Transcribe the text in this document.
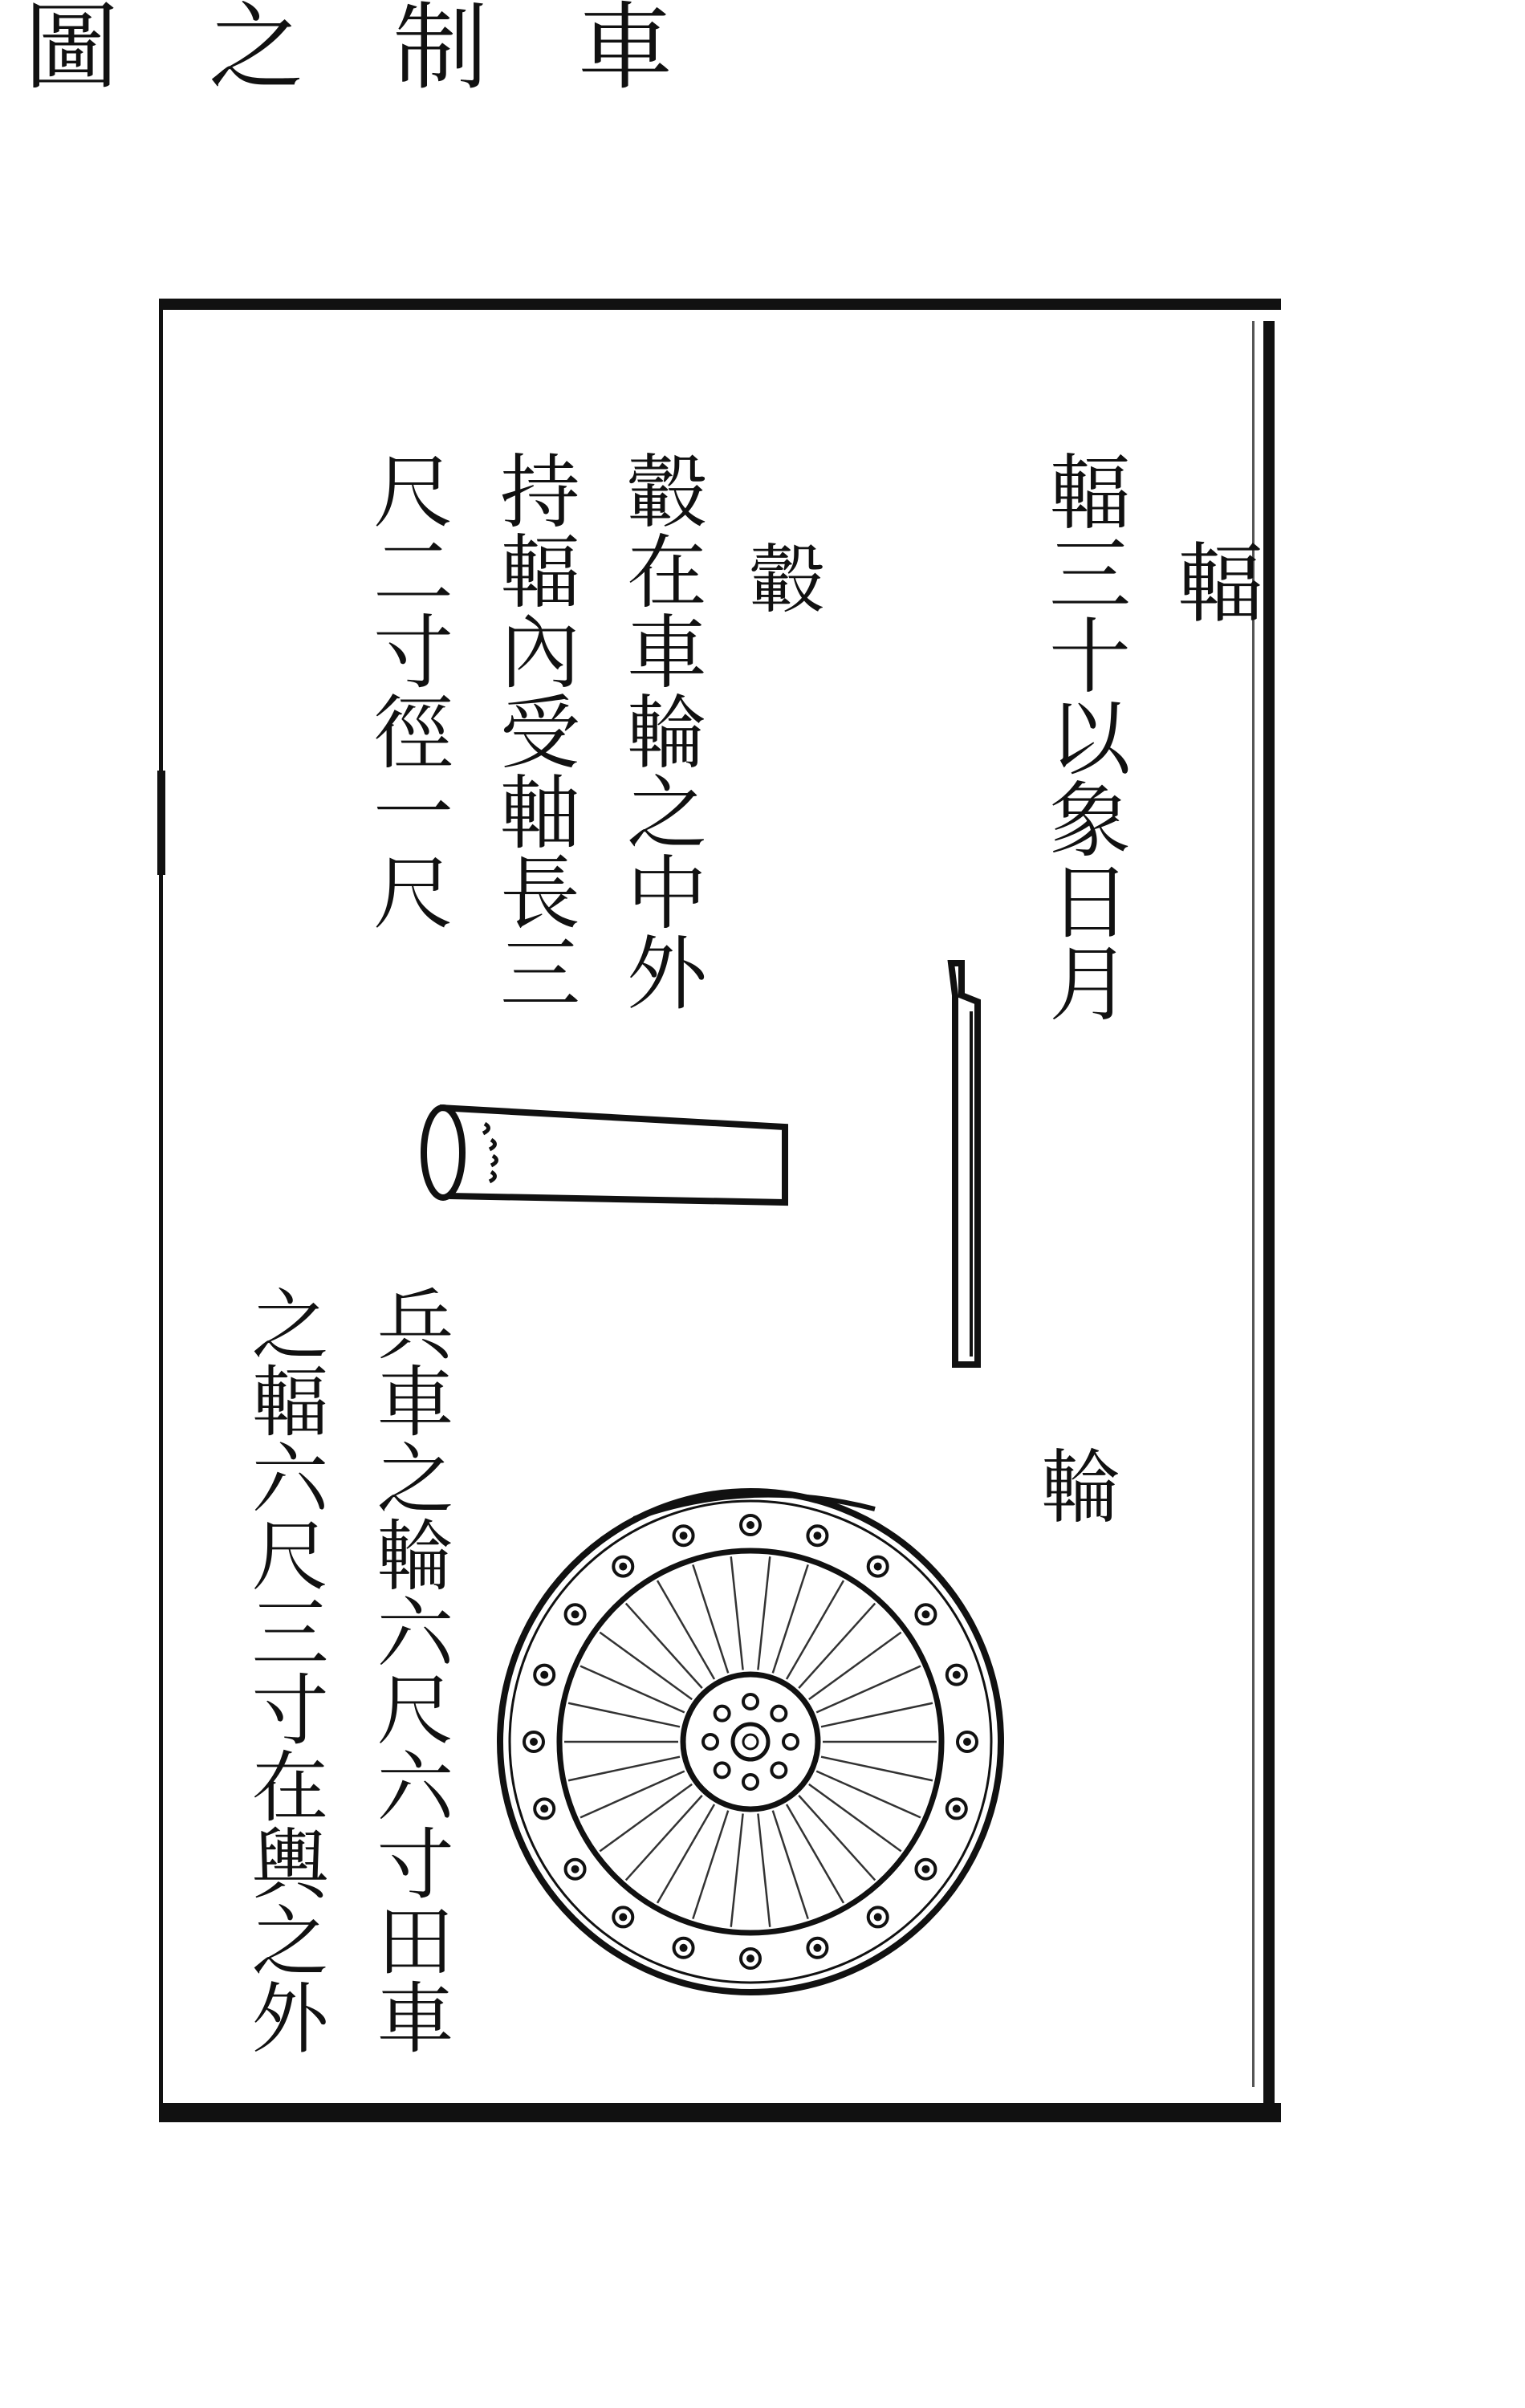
車
制
之
圖
輻
輻三十以象日月
轂
轂在車輪之中外
持輻內受軸長三
尺二寸徑一尺
輪
兵車之輪六尺六寸田車
之輻六尺三寸在輿之外
